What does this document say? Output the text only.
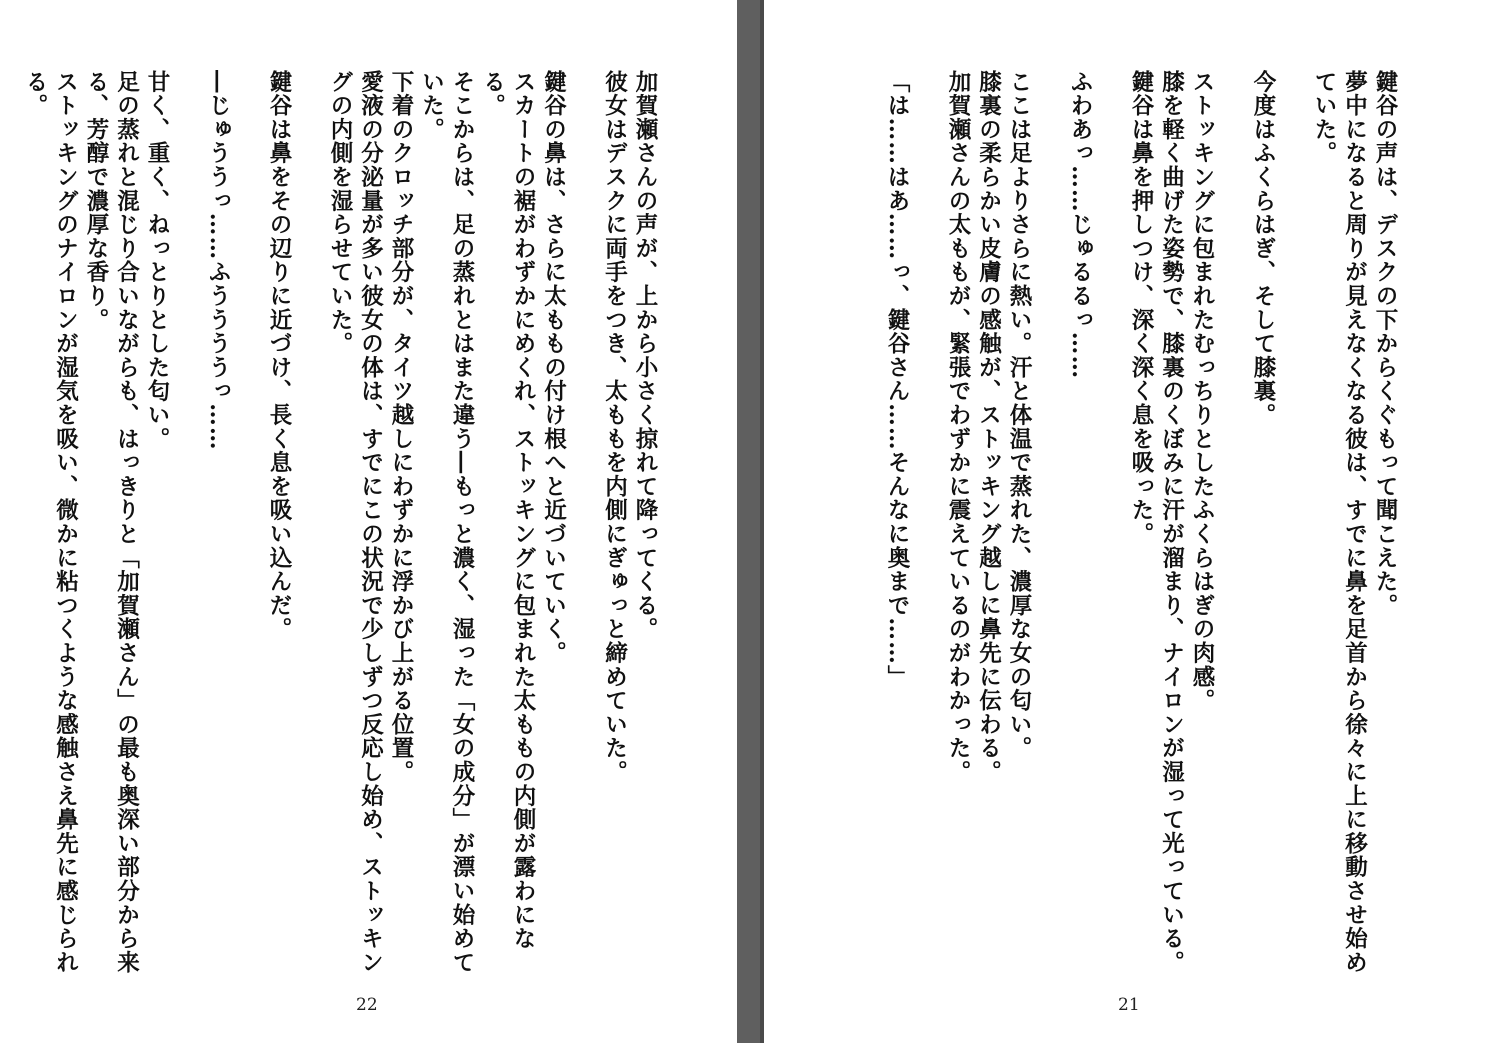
加賀瀬さんの声が、上から小さく掠れて降ってくる。

彼女はデスクに両手をつき、太ももを内側にぎゅっと締めていた。

鍵谷の鼻は、さらに太ももの付け根へと近づいていく。

スカートの裾がわずかにめくれ、ストッキングに包まれた太ももの内側が露わになる。

そこからは、足の蒸れとはまた違う―もっと濃く、湿った「女の成分」が漂い始めていた。

下着のクロッチ部分が、タイツ越しにわずかに浮かび上がる位置。

愛液の分泌量が多い彼女の体は、すでにこの状況で少しずつ反応し始め、ストッキングの内側を湿らせていた。

鍵谷は鼻をその辺りに近づけ、長く息を吸い込んだ。

―じゅううっ……ふううううっ……

甘く、重く、ねっとりとした匂い。

足の蒸れと混じり合いながらも、はっきりと「加賀瀬さん」の最も奥深い部分から来る、芳醇で濃厚な香り。

ストッキングのナイロンが湿気を吸い、微かに粘つくような感触さえ鼻先に感じられる。

22

鍵谷の声は、デスクの下からくぐもって聞こえた。

夢中になると周りが見えなくなる彼は、すでに鼻を足首から徐々に上に移動させ始めていた。

今度はふくらはぎ、そして膝裏。

ストッキングに包まれたむっちりとしたふくらはぎの肉感。

膝を軽く曲げた姿勢で、膝裏のくぼみに汗が溜まり、ナイロンが湿って光っている。鍵谷は鼻を押しつけ、深く深く息を吸った。

ふわあっ……じゅるるっ……

ここは足よりさらに熱い。汗と体温で蒸れた、濃厚な女の匂い。

膝裏の柔らかい皮膚の感触が、ストッキング越しに鼻先に伝わる。

加賀瀬さんの太ももが、緊張でわずかに震えているのがわかった。

「は……はあ……っ、鍵谷さん……そんなに奥まで……」

21
